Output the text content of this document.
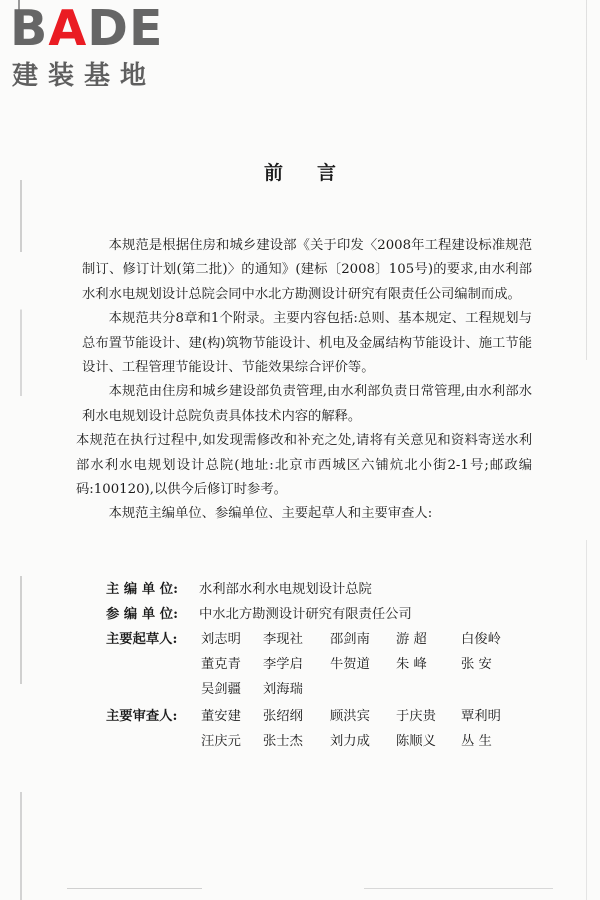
BADE
建装基地
前言

本规范是根据住房和城乡建设部《关于印发〈2008年工程建设标准规范制订、修订计划(第二批)〉的通知》(建标〔2008〕105号)的要求,由水利部水利水电规划设计总院会同中水北方勘测设计研究有限责任公司编制而成。

本规范共分8章和1个附录。主要内容包括:总则、基本规定、工程规划与总布置节能设计、建(构)筑物节能设计、机电及金属结构节能设计、施工节能设计、工程管理节能设计、节能效果综合评价等。

本规范由住房和城乡建设部负责管理,由水利部负责日常管理,由水利部水利水电规划设计总院负责具体技术内容的解释。

本规范在执行过程中,如发现需修改和补充之处,请将有关意见和资料寄送水利部水利水电规划设计总院(地址:北京市西城区六铺炕北小街2-1号;邮政编码:100120),以供今后修订时参考。

本规范主编单位、参编单位、主要起草人和主要审查人:

主 编 单 位: 水利部水利水电规划设计总院
参 编 单 位: 中水北方勘测设计研究有限责任公司
主要起草人:	刘志明 李现社 邵剑南 游 超	白俊岭
董克青 李学启 牛贺道 朱 峰	张 安
吴剑疆 刘海瑞
主要审查人:	董安建 张绍纲 顾洪宾 于庆贵 覃利明
汪庆元 张士杰 刘力成 陈顺义 丛 生
